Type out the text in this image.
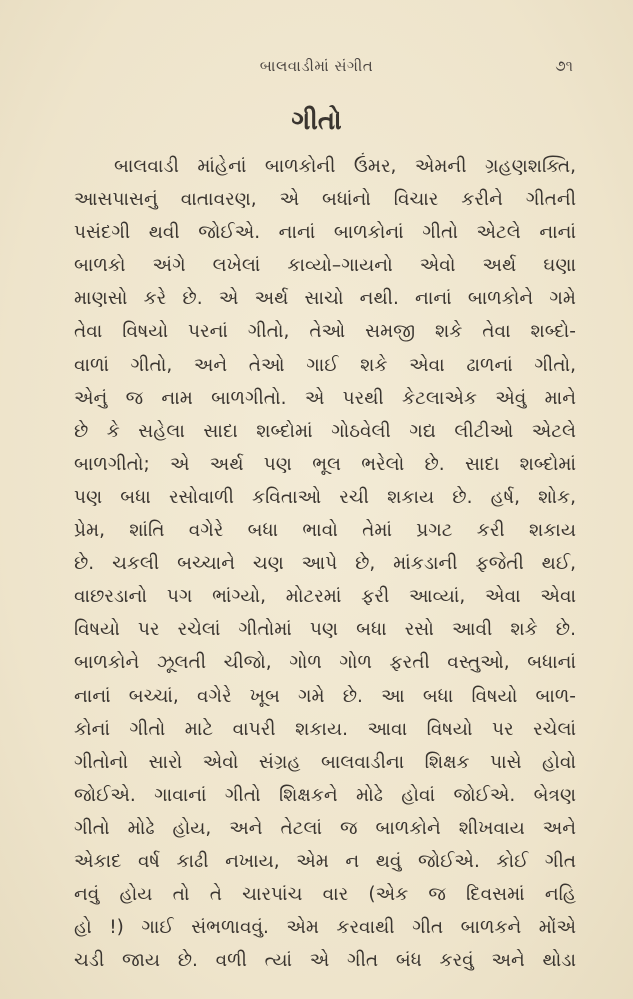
બાલવાડીમાં સંગીત	૭૧
ગીતો
બાલવાડી માંહેનાં બાળકોની ઉંમર, એમની ગ્રહણશક્તિ,
આસપાસનું વાતાવરણ, એ બધાંનો વિચાર કરીને ગીતની
પસંદગી થવી જોઈએ. નાનાં બાળકોનાં ગીતો એટલે નાનાં
બાળકો અંગે લખેલાં કાવ્યો–ગાયનો એવો અર્થ ઘણા
માણસો કરે છે. એ અર્થ સાચો નથી. નાનાં બાળકોને ગમે
તેવા વિષયો પરનાં ગીતો, તેઓ સમજી શકે તેવા શબ્દો-
વાળાં ગીતો, અને તેઓ ગાઈ શકે એવા ઢાળનાં ગીતો,
એનું જ નામ બાળગીતો. એ પરથી કેટલાએક એવું માને
છે કે સહેલા સાદા શબ્દોમાં ગોઠવેલી ગદ્ય લીટીઓ એટલે
બાળગીતો; એ અર્થ પણ ભૂલ ભરેલો છે. સાદા શબ્દોમાં
પણ બધા રસોવાળી કવિતાઓ રચી શકાય છે. હર્ષ, શોક,
પ્રેમ, શાંતિ વગેરે બધા ભાવો તેમાં પ્રગટ કરી શકાય
છે. ચકલી બચ્ચાને ચણ આપે છે, માંકડાની ફજેતી થઈ,
વાછરડાનો પગ ભાંગ્યો, મોટરમાં ફરી આવ્યાં, એવા એવા
વિષયો પર રચેલાં ગીતોમાં પણ બધા રસો આવી શકે છે.
બાળકોને ઝૂલતી ચીજો, ગોળ ગોળ ફરતી વસ્તુઓ, બધાનાં
નાનાં બચ્ચાં, વગેરે ખૂબ ગમે છે. આ બધા વિષયો બાળ-
કોનાં ગીતો માટે વાપરી શકાય. આવા વિષયો પર રચેલાં
ગીતોનો સારો એવો સંગ્રહ બાલવાડીના શિક્ષક પાસે હોવો
જોઈએ. ગાવાનાં ગીતો શિક્ષકને મોઢે હોવાં જોઈએ. બેત્રણ
ગીતો મોઢે હોય, અને તેટલાં જ બાળકોને શીખવાય અને
એકાદ વર્ષ કાઢી નખાય, એમ ન થવું જોઈએ. કોઈ ગીત
નવું હોય તો તે ચારપાંચ વાર (એક જ દિવસમાં નહિ
હો !) ગાઈ સંભળાવવું. એમ કરવાથી ગીત બાળકને મોંએ
ચડી જાય છે. વળી ત્યાં એ ગીત બંધ કરવું અને થોડા
